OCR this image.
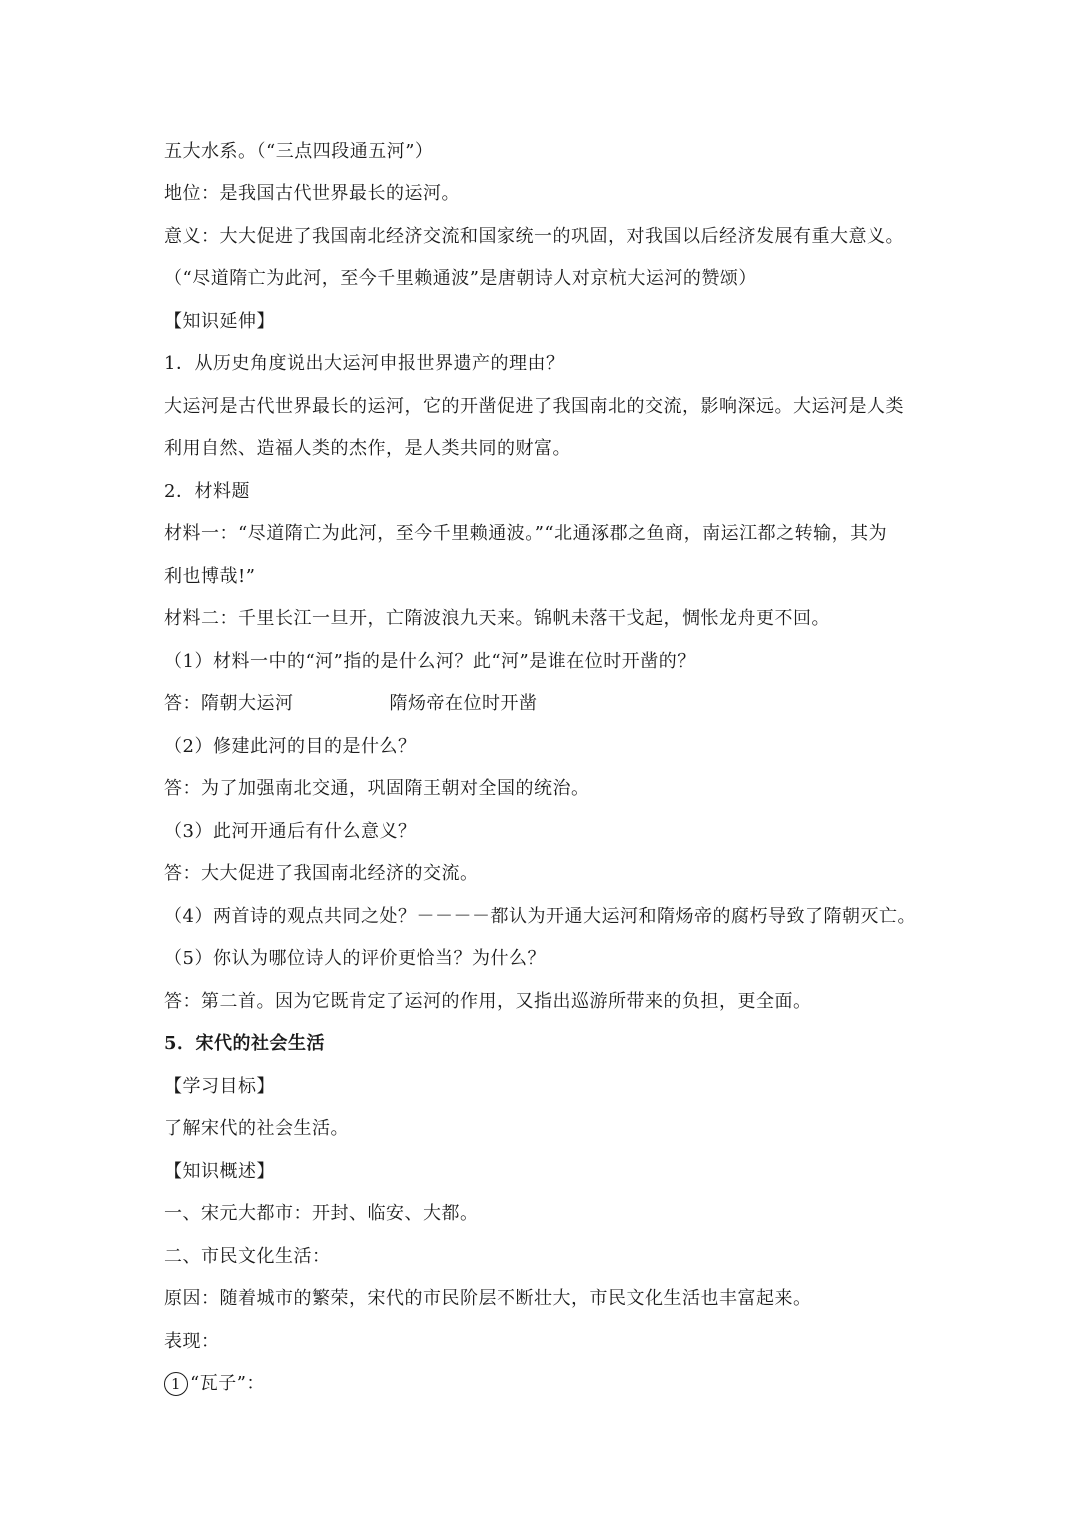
五大水系。（“三点四段通五河”）
地位：是我国古代世界最长的运河。
意义：大大促进了我国南北经济交流和国家统一的巩固，对我国以后经济发展有重大意义。
（“尽道隋亡为此河，至今千里赖通波”是唐朝诗人对京杭大运河的赞颂）
【知识延伸】
1．从历史角度说出大运河申报世界遗产的理由？
大运河是古代世界最长的运河，它的开凿促进了我国南北的交流，影响深远。大运河是人类
利用自然、造福人类的杰作，是人类共同的财富。
2．材料题
材料一：“尽道隋亡为此河，至今千里赖通波。”“北通涿郡之鱼商，南运江都之转输，其为
利也博哉!”
材料二：千里长江一旦开，亡隋波浪九天来。锦帆未落干戈起，惆怅龙舟更不回。
（1）材料一中的“河”指的是什么河？此“河”是谁在位时开凿的？
答：隋朝大运河	隋炀帝在位时开凿
（2）修建此河的目的是什么？
答：为了加强南北交通，巩固隋王朝对全国的统治。
（3）此河开通后有什么意义？
答：大大促进了我国南北经济的交流。
（4）两首诗的观点共同之处？－－－－都认为开通大运河和隋炀帝的腐朽导致了隋朝灭亡。
（5）你认为哪位诗人的评价更恰当？为什么？
答：第二首。因为它既肯定了运河的作用，又指出巡游所带来的负担，更全面。
5．宋代的社会生活
【学习目标】
了解宋代的社会生活。
【知识概述】
一、宋元大都市：开封、临安、大都。
二、市民文化生活：
原因：随着城市的繁荣，宋代的市民阶层不断壮大，市民文化生活也丰富起来。
表现：
1 “瓦子”：
